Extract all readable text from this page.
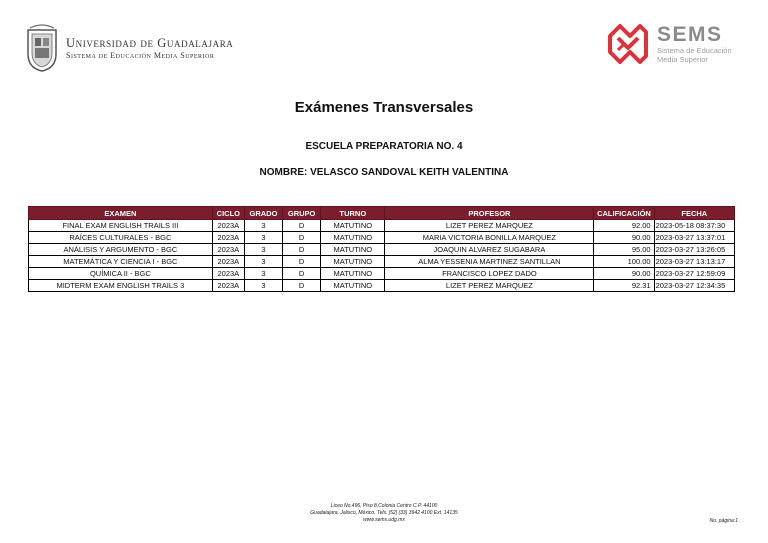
Universidad de Guadalajara
Sistema de Educación Media Superior
SEMS
Sistema de Educación
Media Superior
Exámenes Transversales
ESCUELA PREPARATORIA NO. 4
NOMBRE: VELASCO SANDOVAL KEITH VALENTINA
EXAMEN	CICLO	GRADO	GRUPO	TURNO	PROFESOR	CALIFICACIÓN	FECHA
FINAL EXAM ENGLISH TRAILS III	2023A	3	D	MATUTINO	LIZET PEREZ MARQUEZ	92.00	2023-05-18 08:37:30
RAÍCES CULTURALES - BGC	2023A	3	D	MATUTINO	MARIA VICTORIA BONILLA MARQUEZ	90.00	2023-03-27 13:37:01
ANÁLISIS Y ARGUMENTO - BGC	2023A	3	D	MATUTINO	JOAQUIN ALVAREZ SUGABARA	95.00	2023-03-27 13:26:05
MATEMÁTICA Y CIENCIA I - BGC	2023A	3	D	MATUTINO	ALMA YESSENIA MARTINEZ SANTILLAN	100.00	2023-03-27 13:13:17
QUÍMICA II - BGC	2023A	3	D	MATUTINO	FRANCISCO LOPEZ DADO	90.00	2023-03-27 12:59:09
MIDTERM EXAM ENGLISH TRAILS 3	2023A	3	D	MATUTINO	LIZET PEREZ MARQUEZ	92.31	2023-03-27 12:34:35
Liceo No.496, Piso 8,Colonia Centro C.P. 44100
Guadalajara, Jalisco, México. Tels. [52] (33) 3942 4100 Ext. 14135
www.sems.udg.mx	No. página:1
